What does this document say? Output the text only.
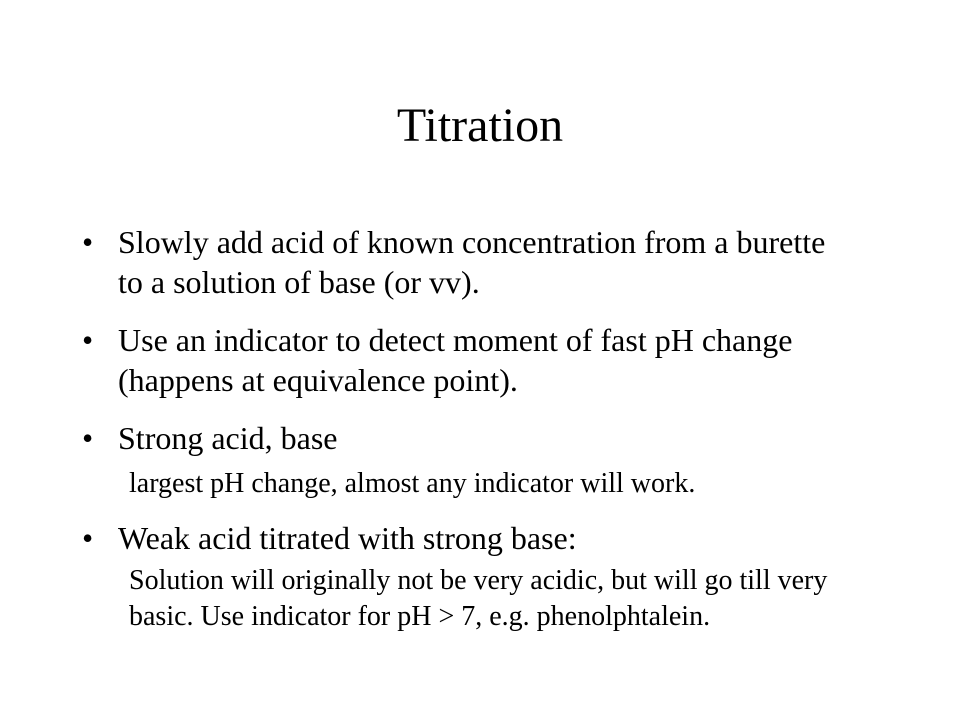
Titration
• Slowly add acid of known concentration from a burette to a solution of base (or vv).
• Use an indicator to detect moment of fast pH change (happens at equivalence point).
• Strong acid, base
largest pH change, almost any indicator will work.
• Weak acid titrated with strong base:
Solution will originally not be very acidic, but will go till very basic. Use indicator for pH > 7, e.g. phenolphtalein.
